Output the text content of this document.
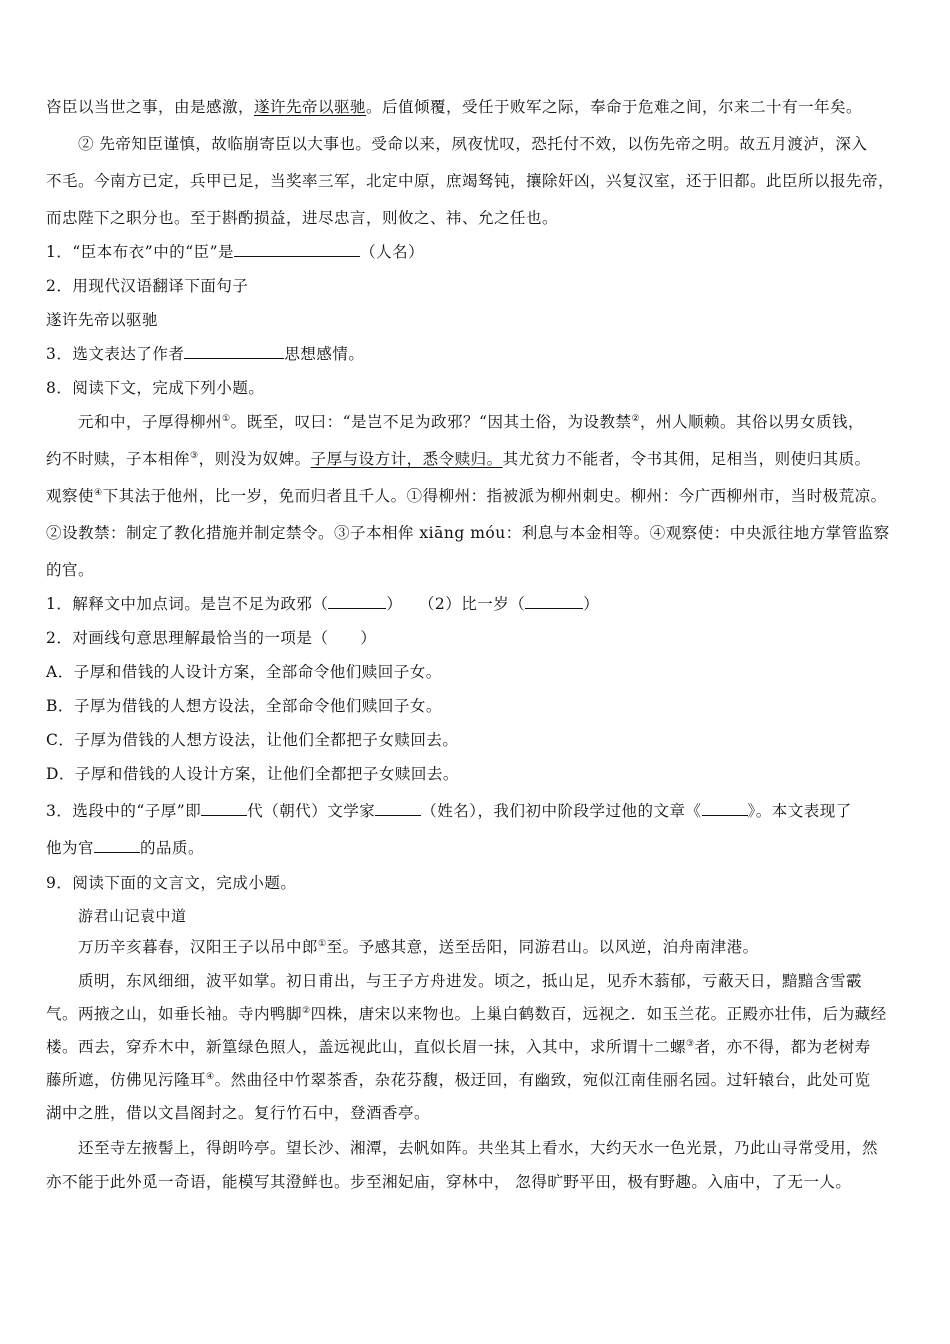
咨臣以当世之事，由是感激，遂许先帝以驱驰。后值倾覆，受任于败军之际，奉命于危难之间，尔来二十有一年矣。
② 先帝知臣谨慎，故临崩寄臣以大事也。受命以来，夙夜忧叹，恐托付不效，以伤先帝之明。故五月渡泸，深入
不毛。今南方已定，兵甲已足，当奖率三军，北定中原，庶竭驽钝，攘除奸凶，兴复汉室，还于旧都。此臣所以报先帝，
而忠陛下之职分也。至于斟酌损益，进尽忠言，则攸之、祎、允之任也。
1．“臣本布衣”中的“臣”是	（人名）
2．用现代汉语翻译下面句子
遂许先帝以驱驰
3．选文表达了作者	思想感情。
8．阅读下文，完成下列小题。
元和中，子厚得柳州①。既至，叹曰：“是岂不足为政邪？“因其土俗，为设教禁②，州人顺赖。其俗以男女质钱，
约不时赎，子本相侔③，则没为奴婢。子厚与设方计，悉令赎归。其尤贫力不能者，令书其佣，足相当，则使归其质。
观察使④下其法于他州，比一岁，免而归者且千人。①得柳州：指被派为柳州刺史。柳州：今广西柳州市，当时极荒凉。
②设教禁：制定了教化措施并制定禁令。③子本相侔 xiāng móu：利息与本金相等。④观察使：中央派往地方掌管监察
的官。
1．解释文中加点词。是岂不足为政邪（	）　　（2）比一岁（	）
2．对画线句意思理解最恰当的一项是（　　）
A．子厚和借钱的人设计方案，全部命令他们赎回子女。
B．子厚为借钱的人想方设法，全部命令他们赎回子女。
C．子厚为借钱的人想方设法，让他们全都把子女赎回去。
D．子厚和借钱的人设计方案，让他们全都把子女赎回去。
3．选段中的“子厚”即	代（朝代）文学家	（姓名），我们初中阶段学过他的文章《	》。本文表现了
他为官	的品质。
9．阅读下面的文言文，完成小题。
游君山记袁中道
万历辛亥暮春，汉阳王子以吊中郎①至。予感其意，送至岳阳，同游君山。以风逆，泊舟南津港。
质明，东风细细，波平如掌。初日甫出，与王子方舟进发。顷之，抵山足，见乔木蓊郁，亏蔽天日，黯黯含雪霰
气。两掖之山，如垂长袖。寺内鸭脚②四株，唐宋以来物也。上巢白鹤数百，远视之．如玉兰花。正殿亦壮伟，后为藏经
楼。西去，穿乔木中，新篁绿色照人，盖远视此山，直似长眉一抹，入其中，求所谓十二螺③者，亦不得，都为老树寿
藤所遮，仿佛见污隆耳④。然曲径中竹翠茶香，杂花芬馥，极迂回，有幽致，宛似江南佳丽名园。过轩辕台，此处可览
湖中之胜，借以文昌阁封之。复行竹石中，登酒香亭。
还至寺左掖髻上，得朗吟亭。望长沙、湘潭，去帆如阵。共坐其上看水，大约天水一色光景，乃此山寻常受用，然
亦不能于此外觅一奇语，能模写其澄鲜也。步至湘妃庙，穿林中， 忽得旷野平田，极有野趣。入庙中，了无一人。
